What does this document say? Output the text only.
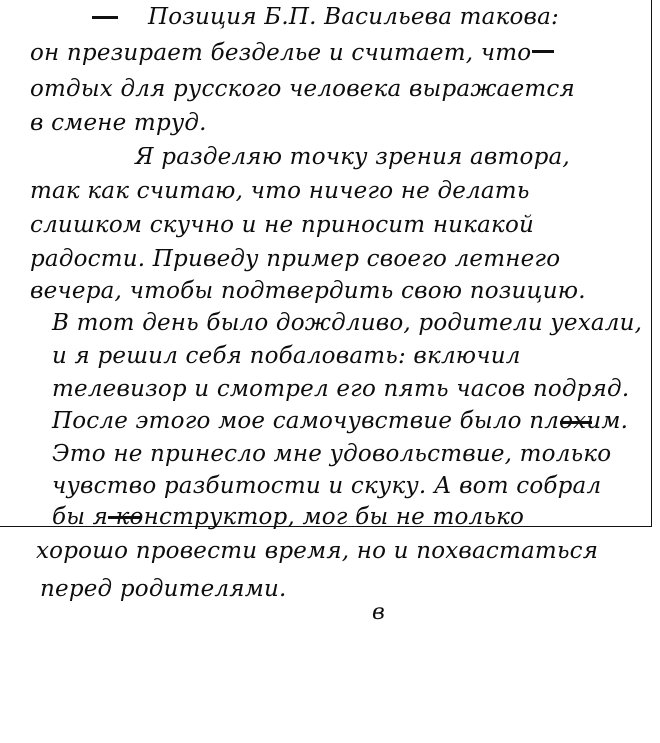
Позиция Б.П. Васильева такова:
он презирает безделье и считает, что
отдых для русского человека выражается
в смене труд.
Я разделяю точку зрения автора,
так как считаю, что ничего не делать
слишком скучно и не приносит никакой
радости. Приведу пример своего летнего
вечера, чтобы подтвердить свою позицию.
В тот день было дождливо, родители уехали,
и я решил себя побаловать: включил
телевизор и смотрел его пять часов подряд.
После этого мое самочувствие было плохим.
Это не принесло мне удовольствие, только
чувство разбитости и скуку. А вот собрал
бы я конструктор, мог бы не только
хорошо провести время, но и похвастаться
перед родителями.
в
